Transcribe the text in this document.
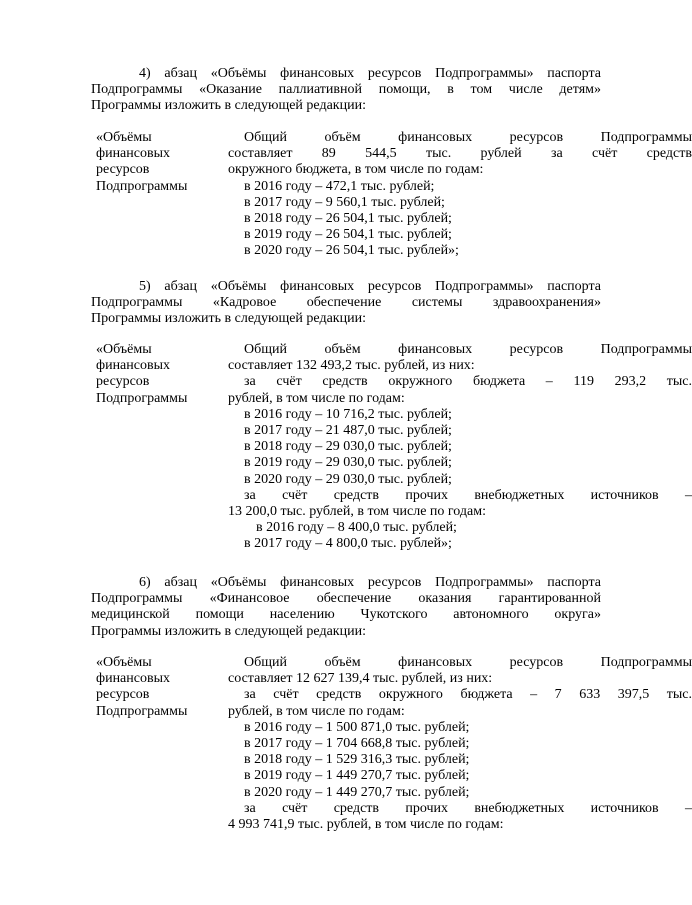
4) абзац «Объёмы финансовых ресурсов Подпрограммы» паспорта
Подпрограммы «Оказание паллиативной помощи, в том числе детям»
Программы изложить в следующей редакции:
«Объёмы
финансовых
ресурсов
Подпрограммы
Общий объём финансовых ресурсов Подпрограммы
составляет 89 544,5 тыс. рублей за счёт средств
окружного бюджета, в том числе по годам:
в 2016 году – 472,1 тыс. рублей;
в 2017 году – 9 560,1 тыс. рублей;
в 2018 году – 26 504,1 тыс. рублей;
в 2019 году – 26 504,1 тыс. рублей;
в 2020 году – 26 504,1 тыс. рублей»;
5) абзац «Объёмы финансовых ресурсов Подпрограммы» паспорта
Подпрограммы «Кадровое обеспечение системы здравоохранения»
Программы изложить в следующей редакции:
«Объёмы
финансовых
ресурсов
Подпрограммы
Общий объём финансовых ресурсов Подпрограммы
составляет 132 493,2 тыс. рублей, из них:
за счёт средств окружного бюджета – 119 293,2 тыс.
рублей, в том числе по годам:
в 2016 году – 10 716,2 тыс. рублей;
в 2017 году – 21 487,0 тыс. рублей;
в 2018 году – 29 030,0 тыс. рублей;
в 2019 году – 29 030,0 тыс. рублей;
в 2020 году – 29 030,0 тыс. рублей;
за счёт средств прочих внебюджетных источников –
13 200,0 тыс. рублей, в том числе по годам:
в 2016 году – 8 400,0 тыс. рублей;
в 2017 году – 4 800,0 тыс. рублей»;
6) абзац «Объёмы финансовых ресурсов Подпрограммы» паспорта
Подпрограммы «Финансовое обеспечение оказания гарантированной
медицинской помощи населению Чукотского автономного округа»
Программы изложить в следующей редакции:
«Объёмы
финансовых
ресурсов
Подпрограммы
Общий объём финансовых ресурсов Подпрограммы
составляет 12 627 139,4 тыс. рублей, из них:
за счёт средств окружного бюджета – 7 633 397,5 тыс.
рублей, в том числе по годам:
в 2016 году – 1 500 871,0 тыс. рублей;
в 2017 году – 1 704 668,8 тыс. рублей;
в 2018 году – 1 529 316,3 тыс. рублей;
в 2019 году – 1 449 270,7 тыс. рублей;
в 2020 году – 1 449 270,7 тыс. рублей;
за счёт средств прочих внебюджетных источников –
4 993 741,9 тыс. рублей, в том числе по годам:
